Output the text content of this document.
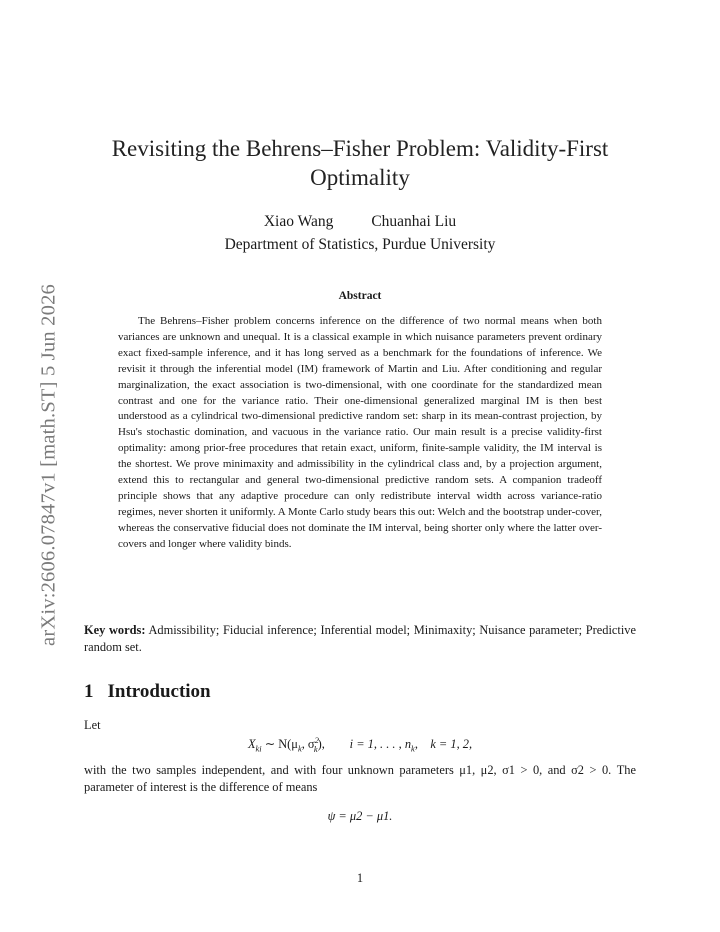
arXiv:2606.07847v1 [math.ST] 5 Jun 2026
Revisiting the Behrens–Fisher Problem: Validity-First Optimality
Xiao Wang Chuanhai Liu
Department of Statistics, Purdue University
Abstract

The Behrens–Fisher problem concerns inference on the difference of two normal means when both variances are unknown and unequal. It is a classical example in which nuisance parameters prevent ordinary exact fixed-sample inference, and it has long served as a benchmark for the foundations of inference. We revisit it through the inferential model (IM) framework of Martin and Liu. After conditioning and regular marginalization, the exact association is two-dimensional, with one coordinate for the standardized mean contrast and one for the variance ratio. Their one-dimensional generalized marginal IM is then best understood as a cylindrical two-dimensional predictive random set: sharp in its mean-contrast projection, by Hsu's stochastic domination, and vacuous in the variance ratio. Our main result is a precise validity-first optimality: among prior-free procedures that retain exact, uniform, finite-sample validity, the IM interval is the shortest. We prove minimaxity and admissibility in the cylindrical class and, by a projection argument, extend this to rectangular and general two-dimensional predictive random sets. A companion tradeoff principle shows that any adaptive procedure can only redistribute interval width across variance-ratio regimes, never shorten it uniformly. A Monte Carlo study bears this out: Welch and the bootstrap under-cover, whereas the conservative fiducial does not dominate the IM interval, being shorter only where the latter over-covers and longer where validity binds.

Key words: Admissibility; Fiducial inference; Inferential model; Minimaxity; Nuisance parameter; Predictive random set.

1 Introduction

Let

$X_{ki}$ ∼ $N(\mu_k$, $\sigma^2_k$),   i = 1, . . . , $n_k$,  k = 1, 2,

with the two samples independent, and with four unknown parameters μ1, μ2, σ1 > 0, and σ2 > 0. The parameter of interest is the difference of means

ψ = μ2 − μ1.
1
